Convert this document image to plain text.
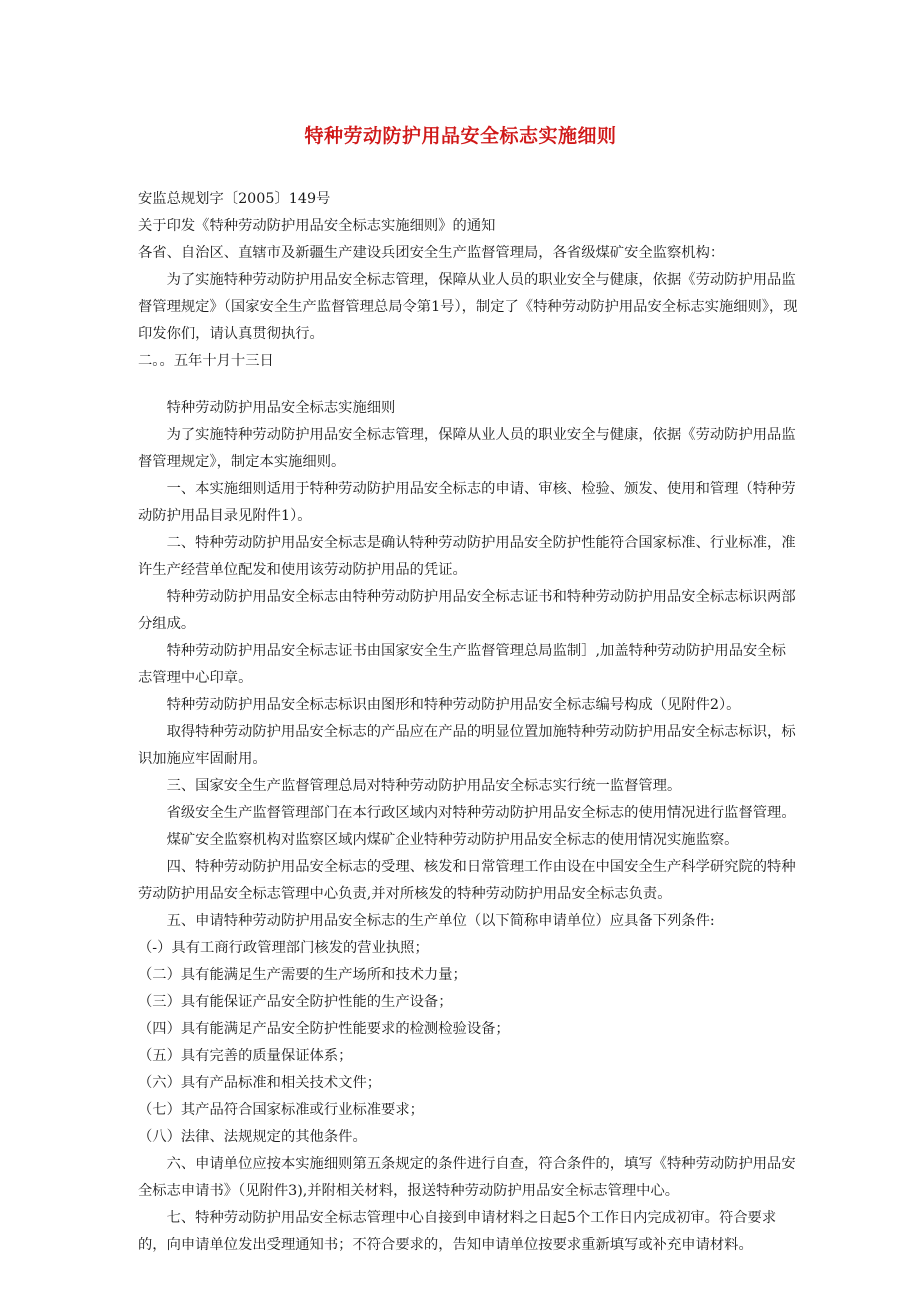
特种劳动防护用品安全标志实施细则

安监总规划字〔2005〕149号

关于印发《特种劳动防护用品安全标志实施细则》的通知

各省、自治区、直辖市及新疆生产建设兵团安全生产监督管理局，各省级煤矿安全监察机构：

为了实施特种劳动防护用品安全标志管理，保障从业人员的职业安全与健康，依据《劳动防护用品监督管理规定》（国家安全生产监督管理总局令第1号），制定了《特种劳动防护用品安全标志实施细则》，现印发你们，请认真贯彻执行。

二。。五年十月十三日

特种劳动防护用品安全标志实施细则

为了实施特种劳动防护用品安全标志管理，保障从业人员的职业安全与健康，依据《劳动防护用品监督管理规定》，制定本实施细则。

一、本实施细则适用于特种劳动防护用品安全标志的申请、审核、检验、颁发、使用和管理（特种劳动防护用品目录见附件1）。

二、特种劳动防护用品安全标志是确认特种劳动防护用品安全防护性能符合国家标准、行业标准，准许生产经营单位配发和使用该劳动防护用品的凭证。

特种劳动防护用品安全标志由特种劳动防护用品安全标志证书和特种劳动防护用品安全标志标识两部分组成。

特种劳动防护用品安全标志证书由国家安全生产监督管理总局监制］,加盖特种劳动防护用品安全标志管理中心印章。

特种劳动防护用品安全标志标识由图形和特种劳动防护用品安全标志编号构成（见附件2）。

取得特种劳动防护用品安全标志的产品应在产品的明显位置加施特种劳动防护用品安全标志标识，标识加施应牢固耐用。

三、国家安全生产监督管理总局对特种劳动防护用品安全标志实行统一监督管理。

省级安全生产监督管理部门在本行政区域内对特种劳动防护用品安全标志的使用情况进行监督管理。

煤矿安全监察机构对监察区域内煤矿企业特种劳动防护用品安全标志的使用情况实施监察。

四、特种劳动防护用品安全标志的受理、核发和日常管理工作由设在中国安全生产科学研究院的特种劳动防护用品安全标志管理中心负责,并对所核发的特种劳动防护用品安全标志负责。

五、申请特种劳动防护用品安全标志的生产单位（以下简称申请单位）应具备下列条件:

（-）具有工商行政管理部门核发的营业执照；

（二）具有能满足生产需要的生产场所和技术力量；

（三）具有能保证产品安全防护性能的生产设备；

（四）具有能满足产品安全防护性能要求的检测检验设备；

（五）具有完善的质量保证体系；

（六）具有产品标准和相关技术文件；

（七）其产品符合国家标准或行业标准要求；

（八）法律、法规规定的其他条件。

六、申请单位应按本实施细则第五条规定的条件进行自查，符合条件的，填写《特种劳动防护用品安全标志申请书》（见附件3),并附相关材料，报送特种劳动防护用品安全标志管理中心。

七、特种劳动防护用品安全标志管理中心自接到申请材料之日起5个工作日内完成初审。符合要求的，向申请单位发出受理通知书；不符合要求的，告知申请单位按要求重新填写或补充申请材料。
